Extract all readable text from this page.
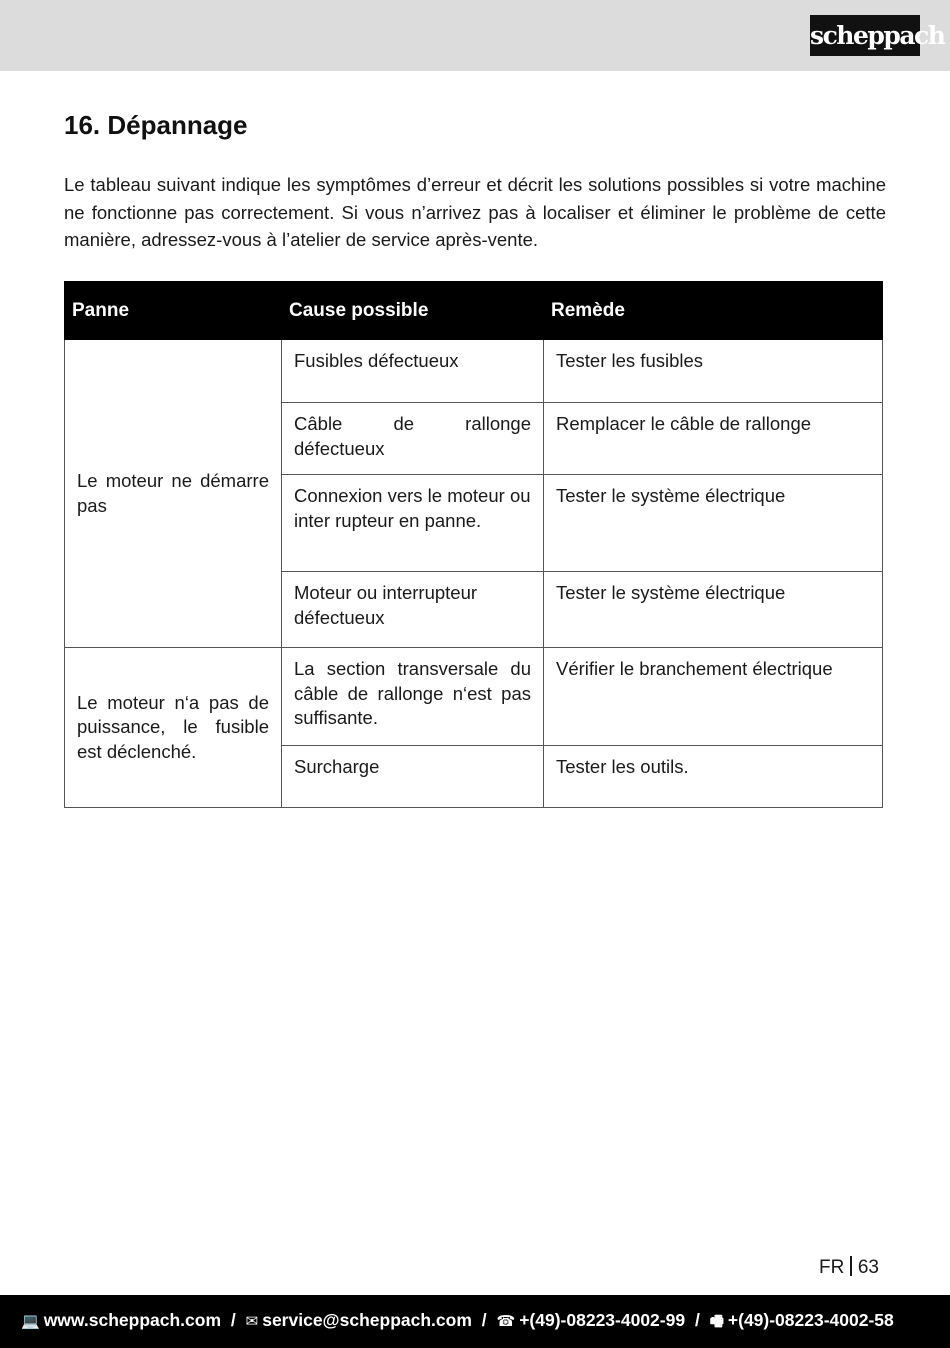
scheppach
16. Dépannage

Le tableau suivant indique les symptômes d’erreur et décrit les solutions possibles si votre machine ne fonctionne pas correctement. Si vous n’arrivez pas à localiser et éliminer le problème de cette manière, adressez-vous à l’atelier de service après-vente.

Panne	Cause possible	Remède
Le moteur ne démarre pas	Fusibles défectueux	Tester les fusibles
	Câble de rallonge défectueux	Remplacer le câble de rallonge
	Connexion vers le moteur ou inter rupteur en panne.	Tester le système électrique
	Moteur ou interrupteur défectueux	Tester le système électrique
Le moteur n‘a pas de puissance, le fusible est déclenché.	La section transversale du câble de rallonge n‘est pas suffisante.	Vérifier le branchement électrique
	Surcharge	Tester les outils.
FR 63
💻 www.scheppach.com / ✉ service@scheppach.com / ☎ +(49)-08223-4002-99 / 🖷 +(49)-08223-4002-58
